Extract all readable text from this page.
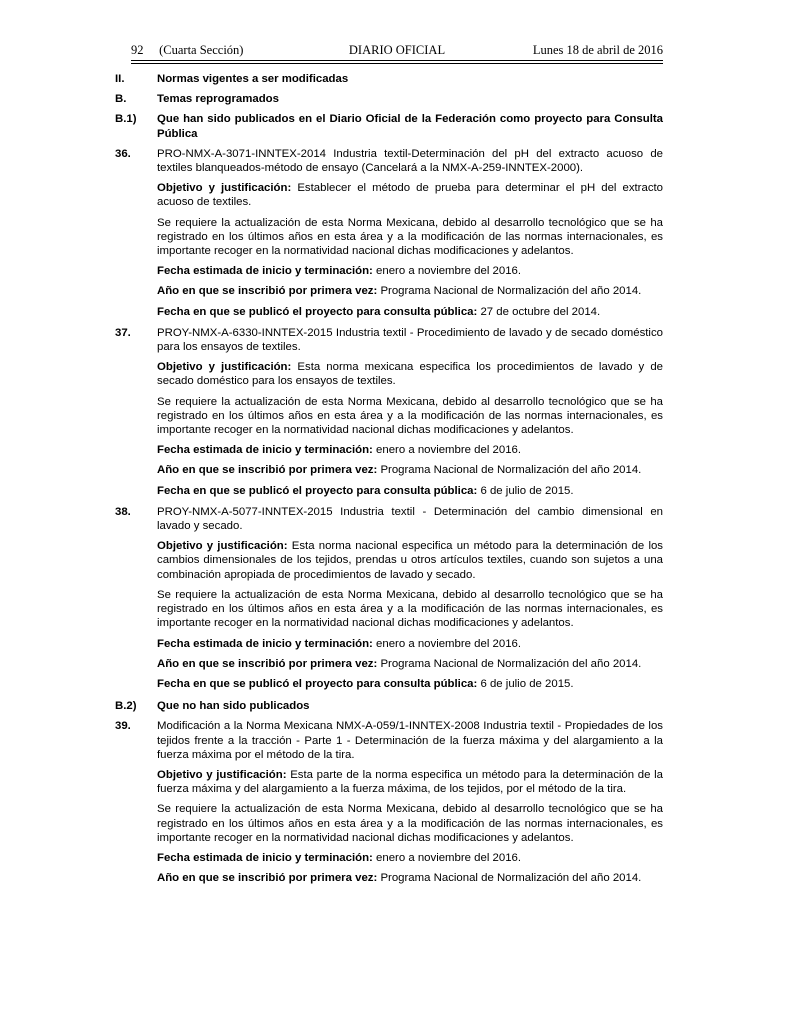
92     (Cuarta Sección)	DIARIO OFICIAL	Lunes 18 de abril de 2016
II.	Normas vigentes a ser modificadas
B.	Temas reprogramados
B.1) Que han sido publicados en el Diario Oficial de la Federación como proyecto para Consulta Pública
36. PRO-NMX-A-3071-INNTEX-2014 Industria textil-Determinación del pH del extracto acuoso de textiles blanqueados-método de ensayo (Cancelará a la NMX-A-259-INNTEX-2000).
Objetivo y justificación: Establecer el método de prueba para determinar el pH del extracto acuoso de textiles.
Se requiere la actualización de esta Norma Mexicana, debido al desarrollo tecnológico que se ha registrado en los últimos años en esta área y a la modificación de las normas internacionales, es importante recoger en la normatividad nacional dichas modificaciones y adelantos.
Fecha estimada de inicio y terminación: enero a noviembre del 2016.
Año en que se inscribió por primera vez: Programa Nacional de Normalización del año 2014.
Fecha en que se publicó el proyecto para consulta pública: 27 de octubre del 2014.
37. PROY-NMX-A-6330-INNTEX-2015 Industria textil - Procedimiento de lavado y de secado doméstico para los ensayos de textiles.
Objetivo y justificación: Esta norma mexicana especifica los procedimientos de lavado y de secado doméstico para los ensayos de textiles.
Se requiere la actualización de esta Norma Mexicana, debido al desarrollo tecnológico que se ha registrado en los últimos años en esta área y a la modificación de las normas internacionales, es importante recoger en la normatividad nacional dichas modificaciones y adelantos.
Fecha estimada de inicio y terminación: enero a noviembre del 2016.
Año en que se inscribió por primera vez: Programa Nacional de Normalización del año 2014.
Fecha en que se publicó el proyecto para consulta pública: 6 de julio de 2015.
38. PROY-NMX-A-5077-INNTEX-2015 Industria textil - Determinación del cambio dimensional en lavado y secado.
Objetivo y justificación: Esta norma nacional especifica un método para la determinación de los cambios dimensionales de los tejidos, prendas u otros artículos textiles, cuando son sujetos a una combinación apropiada de procedimientos de lavado y secado.
Se requiere la actualización de esta Norma Mexicana, debido al desarrollo tecnológico que se ha registrado en los últimos años en esta área y a la modificación de las normas internacionales, es importante recoger en la normatividad nacional dichas modificaciones y adelantos.
Fecha estimada de inicio y terminación: enero a noviembre del 2016.
Año en que se inscribió por primera vez: Programa Nacional de Normalización del año 2014.
Fecha en que se publicó el proyecto para consulta pública: 6 de julio de 2015.
B.2) Que no han sido publicados
39. Modificación a la Norma Mexicana NMX-A-059/1-INNTEX-2008 Industria textil - Propiedades de los tejidos frente a la tracción - Parte 1 - Determinación de la fuerza máxima y del alargamiento a la fuerza máxima por el método de la tira.
Objetivo y justificación: Esta parte de la norma especifica un método para la determinación de la fuerza máxima y del alargamiento a la fuerza máxima, de los tejidos, por el método de la tira.
Se requiere la actualización de esta Norma Mexicana, debido al desarrollo tecnológico que se ha registrado en los últimos años en esta área y a la modificación de las normas internacionales, es importante recoger en la normatividad nacional dichas modificaciones y adelantos.
Fecha estimada de inicio y terminación: enero a noviembre del 2016.
Año en que se inscribió por primera vez: Programa Nacional de Normalización del año 2014.
